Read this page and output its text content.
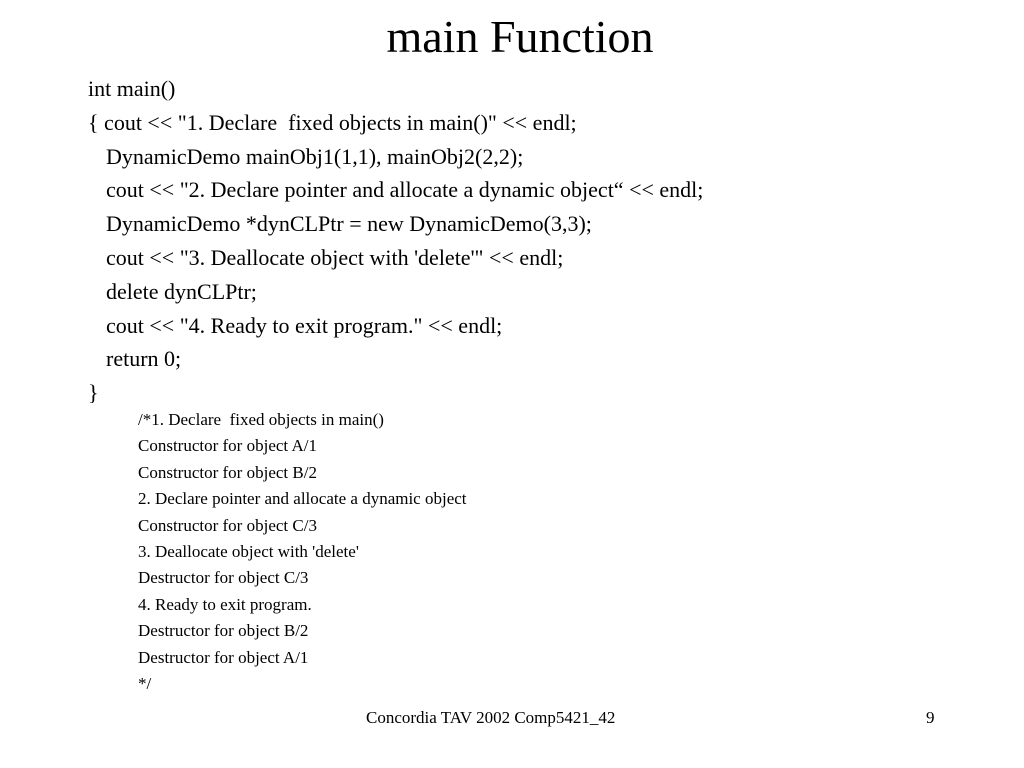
main Function
int main()
{ cout << "1. Declare  fixed objects in main()" << endl;
DynamicDemo mainObj1(1,1), mainObj2(2,2);
cout << "2. Declare pointer and allocate a dynamic object“ << endl;
DynamicDemo *dynCLPtr = new DynamicDemo(3,3);
cout << "3. Deallocate object with 'delete'" << endl;
delete dynCLPtr;
cout << "4. Ready to exit program." << endl;
return 0;
}
/*1. Declare  fixed objects in main()
Constructor for object A/1
Constructor for object B/2
2. Declare pointer and allocate a dynamic object
Constructor for object C/3
3. Deallocate object with 'delete'
Destructor for object C/3
4. Ready to exit program.
Destructor for object B/2
Destructor for object A/1
*/
Concordia TAV 2002 Comp5421_42	9
